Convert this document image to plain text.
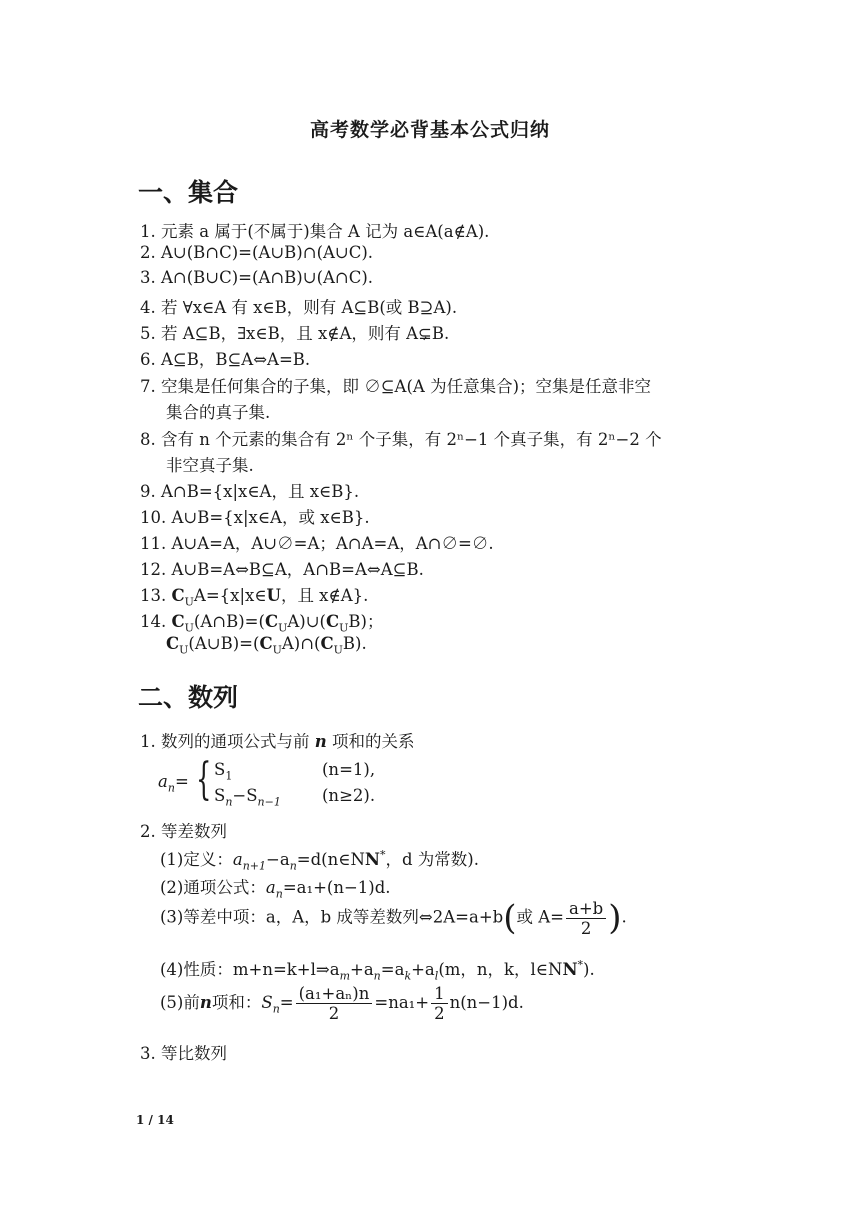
高考数学必背基本公式归纳
一、集合
1. 元素 a 属于(不属于)集合 A 记为 a∈A(a∉A).
2. A∪(B∩C)=(A∪B)∩(A∪C).
3. A∩(B∪C)=(A∩B)∪(A∩C).
4. 若 ∀x∈A 有 x∈B，则有 A⊆B(或 B⊇A).
5. 若 A⊆B，∃x∈B，且 x∉A，则有 A⊊B.
6. A⊆B，B⊆A⇔A=B.
7. 空集是任何集合的子集，即 ∅⊆A(A 为任意集合)；空集是任意非空
集合的真子集.
8. 含有 n 个元素的集合有 2ⁿ 个子集，有 2ⁿ−1 个真子集，有 2ⁿ−2 个
非空真子集.
9. A∩B={x|x∈A，且 x∈B}.
10. A∪B={x|x∈A，或 x∈B}.
11. A∪A=A，A∪∅=A；A∩A=A，A∩∅=∅.
12. A∪B=A⇔B⊆A，A∩B=A⇔A⊆B.
13. $C_UA=\{x|x\in U$，且 x∉A}.
14. $C_U(A\cap B)=(C_UA)\cup(C_UB)$；
$C_U(A\cup B)=(C_UA)\cap(C_UB)$.
二、数列
1. 数列的通项公式与前 n 项和的关系
$a_n=$ { $S_1$	(n=1),
$S_n-S_{n-1}$ (n≥2).
2. 等差数列
(1)定义：$a_{n+1}-a_n=d(n\in NN^*$，d 为常数).
(2)通项公式：$a_n=a_1+(n-1)d$.
(3)等差中项：a，A，b 成等差数列⇔2A=a+b(或 $A= \frac{a+b}{2}$ ).
(4)性质：$m+n=k+l\Rightarrow a_m+a_n=a_k+a_l(m$，n，k，l∈NN*).
(5)前n项和：$S_n= \frac{\text{(a₁+aₙ)n}}{2} =na_1+ \frac{1}{2} n(n-1)d$.
3. 等比数列
1 / 14
